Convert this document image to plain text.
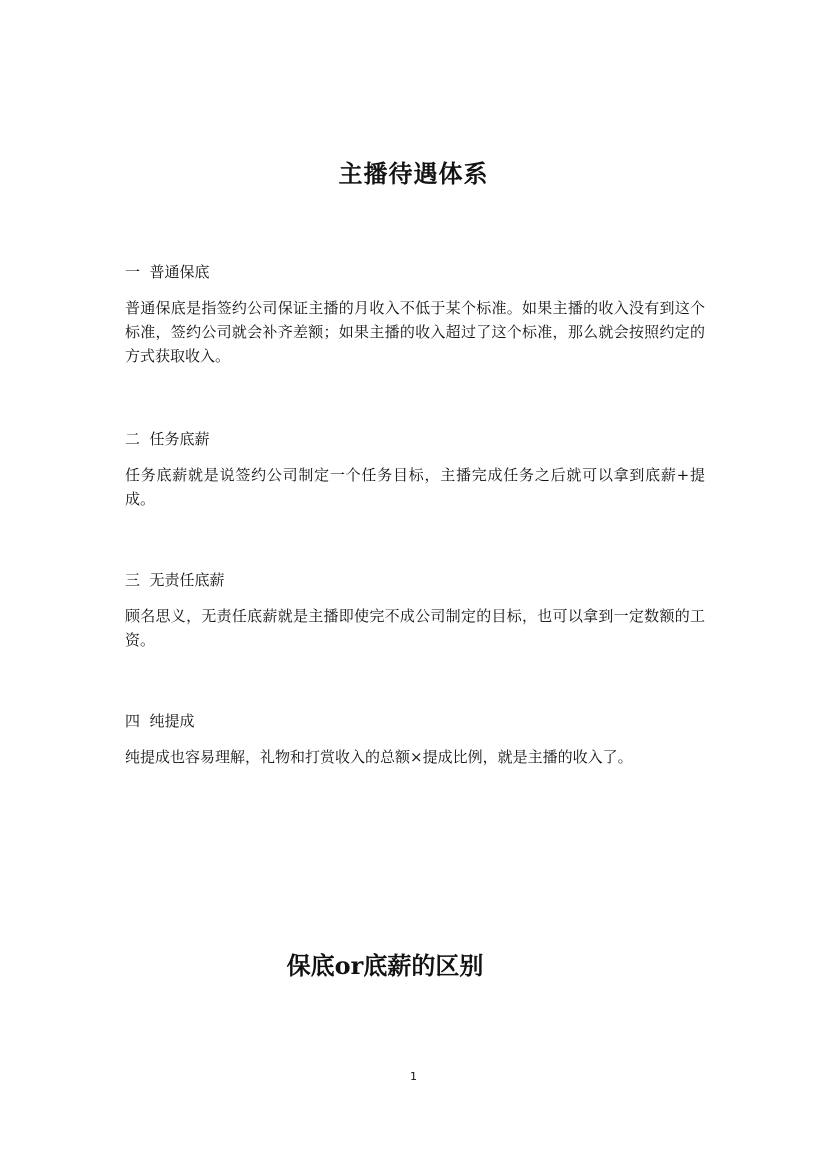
主播待遇体系
一  普通保底

普通保底是指签约公司保证主播的月收入不低于某个标准。如果主播的收入没有到这个标准，签约公司就会补齐差额；如果主播的收入超过了这个标准，那么就会按照约定的方式获取收入。

二  任务底薪

任务底薪就是说签约公司制定一个任务目标，主播完成任务之后就可以拿到底薪+提成。

三  无责任底薪

顾名思义，无责任底薪就是主播即使完不成公司制定的目标，也可以拿到一定数额的工资。

四  纯提成

纯提成也容易理解，礼物和打赏收入的总额×提成比例，就是主播的收入了。

保底or底薪的区别
1
